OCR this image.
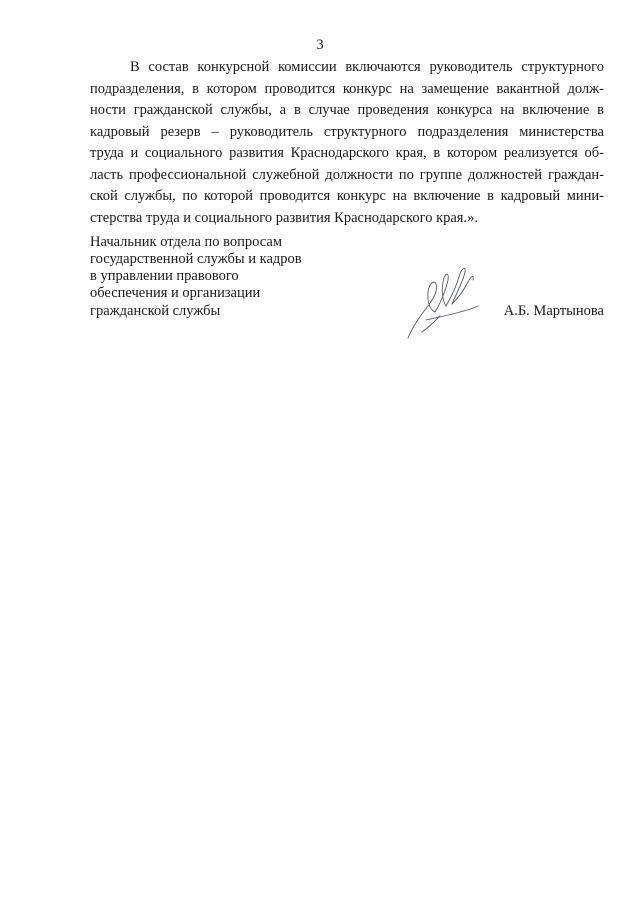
3
В состав конкурсной комиссии включаются руководитель структурного
подразделения, в котором проводится конкурс на замещение вакантной долж-
ности гражданской службы, а в случае проведения конкурса на включение в
кадровый резерв – руководитель структурного подразделения министерства
труда и социального развития Краснодарского края, в котором реализуется об-
ласть профессиональной служебной должности по группе должностей граждан-
ской службы, по которой проводится конкурс на включение в кадровый мини-
стерства труда и социального развития Краснодарского края.».
Начальник отдела по вопросам
государственной службы и кадров
в управлении правового
обеспечения и организации
гражданской службы	А.Б. Мартынова
